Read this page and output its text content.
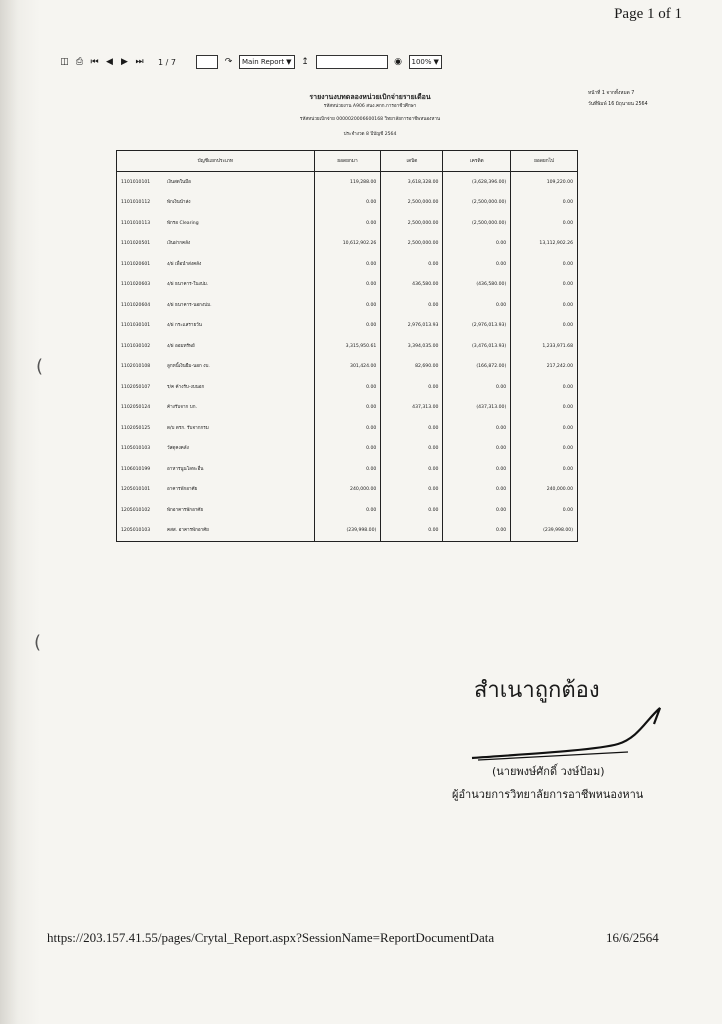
Page 1 of 1
◫ ⎙ ⏮ ◀ ▶ ⏭ 1 / 7	↷ Main Report ▼ ↥	◉ 100% ▼
รายงานงบทดลองหน่วยเบิกจ่ายรายเดือน
รหัสหน่วยงาน A906 สนง.คกก.การอาชีวศึกษา
รหัสหน่วยเบิกจ่าย 0000020006600168 วิทยาลัยการอาชีพหนองหาน
ประจำงวด 8 ปีบัญชี 2564
หน้าที่ 1 จากทั้งหมด 7
วันที่พิมพ์ 16 มิถุนายน 2564
บัญชีแยกประเภท		ยอดยกมา	เดบิต	เครดิต	ยอดยกไป
1101010101	เงินสดในมือ	119,288.00	3,618,328.00	(3,628,396.00)	109,220.00
1101010112	พักเงินนำส่ง	0.00	2,500,000.00	(2,500,000.00)	0.00
1101010113	พักรอ Clearing	0.00	2,500,000.00	(2,500,000.00)	0.00
1101020501	เงินฝากคลัง	10,612,902.26	2,500,000.00	0.00	13,112,902.26
1101020601	ง/ฝ เพื่อนำส่งคลัง	0.00	0.00	0.00	0.00
1101020603	ง/ฝ ธนาคาร-ในงปม.	0.00	436,580.00	(436,580.00)	0.00
1101020604	ง/ฝ ธนาคาร-นอกงปม.	0.00	0.00	0.00	0.00
1101030101	ง/ฝ กระแสรายวัน	0.00	2,976,013.93	(2,976,013.93)	0.00
1101030102	ง/ฝ ออมทรัพย์	3,315,950.61	3,394,035.00	(3,476,013.93)	1,233,971.68
1102010108	ลูกหนี้เงินยืม-นอก งบ.	301,424.00	82,690.00	(166,872.00)	217,242.00
1102050107	ร/ค ค้างรับ-งบนอก	0.00	0.00	0.00	0.00
1102050124	ค้างรับจาก บก.	0.00	437,313.00	(437,313.00)	0.00
1102050125	ด/บ ตรก. รับจากกรม	0.00	0.00	0.00	0.00
1105010103	วัสดุคงคลัง	0.00	0.00	0.00	0.00
1106010199	อาหารนูนโลหะอื่น	0.00	0.00	0.00	0.00
1205010101	อาคารพักอาศัย	240,000.00	0.00	0.00	240,000.00
1205010102	พักอาคารพักอาศัย	0.00	0.00	0.00	0.00
1205010103	คสส. อาคารพักอาศัย	(239,998.00)	0.00	0.00	(239,998.00)
(
(
สำเนาถูกต้อง
(นายพงษ์ศักดิ์ วงษ์ป้อม)
ผู้อำนวยการวิทยาลัยการอาชีพหนองหาน
https://203.157.41.55/pages/Crytal_Report.aspx?SessionName=ReportDocumentData	16/6/2564
